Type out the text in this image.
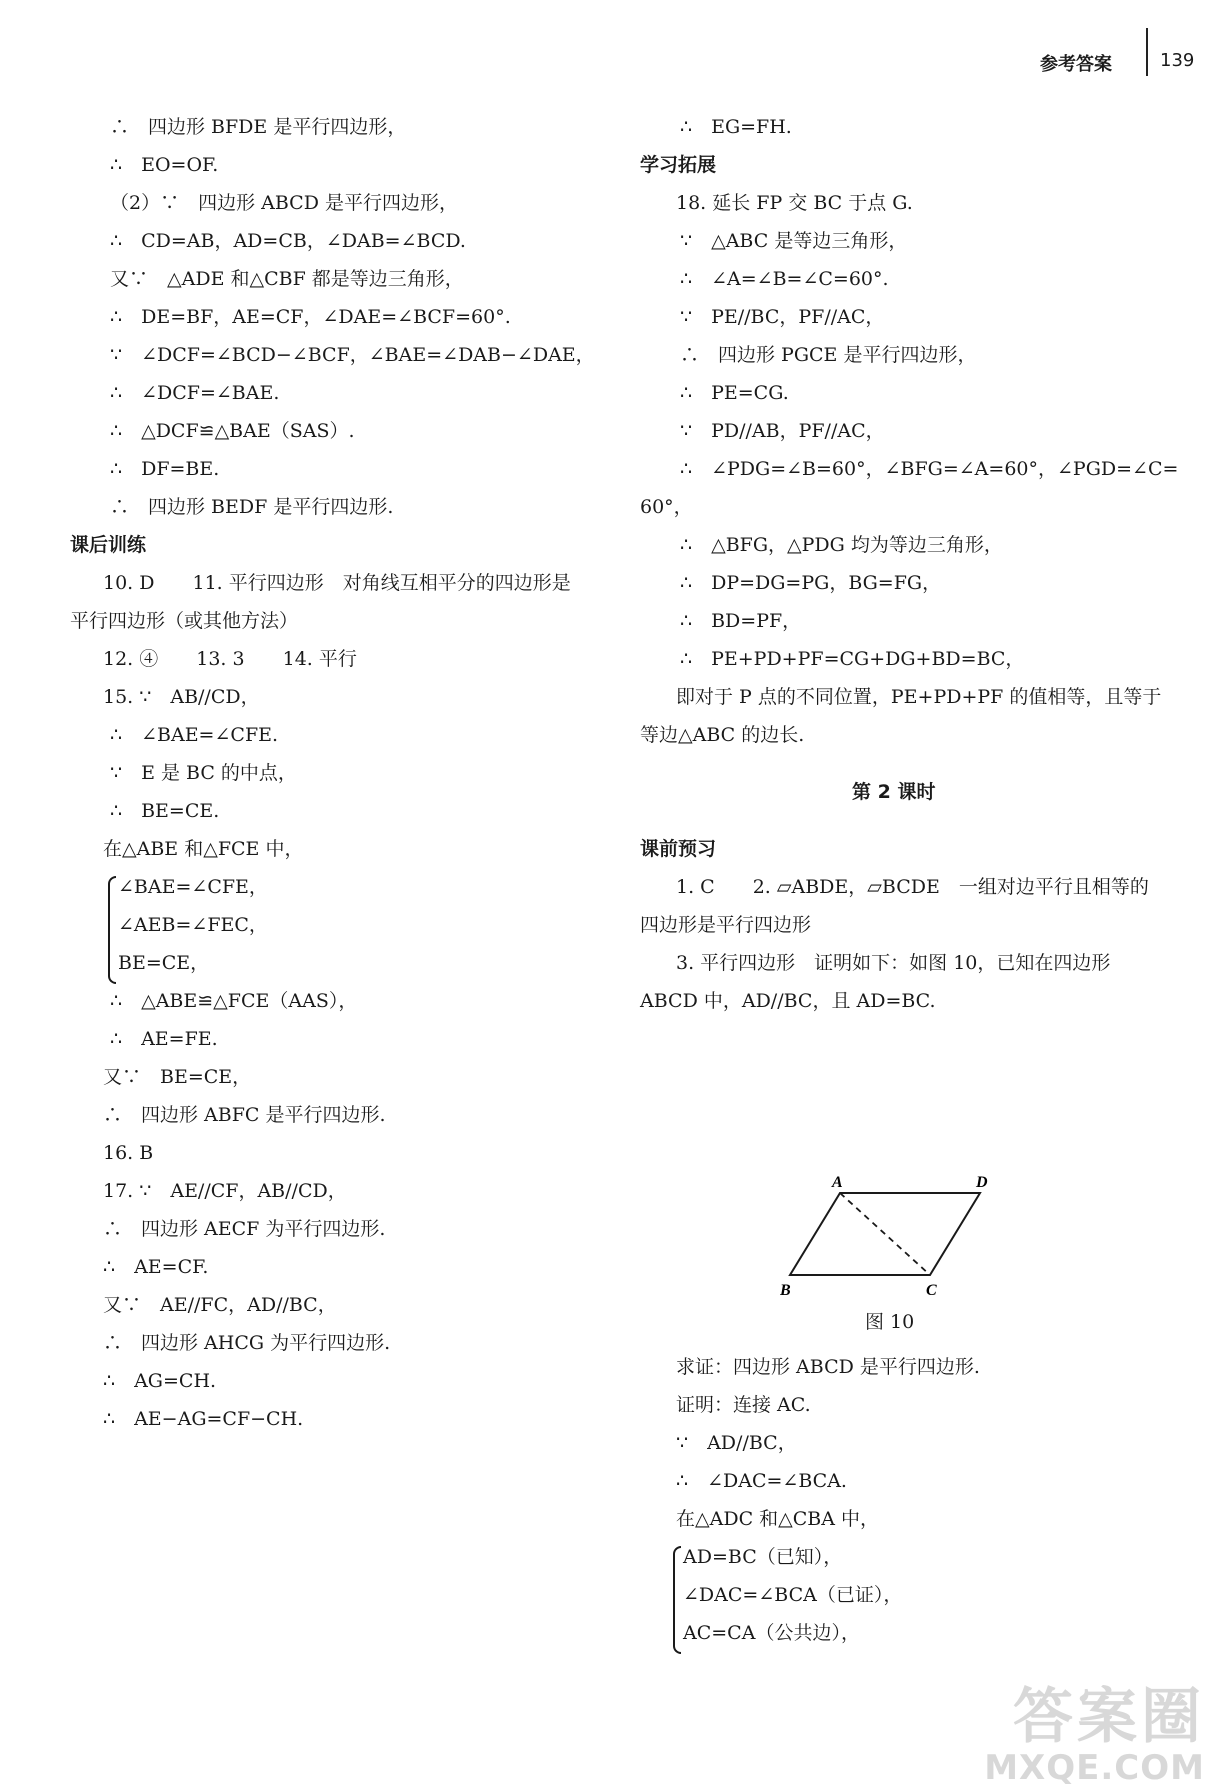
参考答案	139
∴　四边形 BFDE 是平行四边形，
∴　EO=OF.
（2）∵　四边形 ABCD 是平行四边形，
∴　CD=AB，AD=CB，∠DAB=∠BCD.
又∵　△ADE 和△CBF 都是等边三角形，
∴　DE=BF，AE=CF，∠DAE=∠BCF=60°.
∵　∠DCF=∠BCD−∠BCF，∠BAE=∠DAB−∠DAE，
∴　∠DCF=∠BAE.
∴　△DCF≌△BAE（SAS）.
∴　DF=BE.
∴　四边形 BEDF 是平行四边形.
课后训练
10. D　　11. 平行四边形　对角线互相平分的四边形是
平行四边形（或其他方法）
12. ④　　13. 3　　14. 平行
15. ∵　AB//CD，
∴　∠BAE=∠CFE.
∵　E 是 BC 的中点，
∴　BE=CE.
在△ABE 和△FCE 中，
∠BAE=∠CFE，
∠AEB=∠FEC，
BE=CE，
∴　△ABE≌△FCE（AAS），
∴　AE=FE.
又∵　BE=CE，
∴　四边形 ABFC 是平行四边形.
16. B
17. ∵　AE//CF，AB//CD，
∴　四边形 AECF 为平行四边形.
∴　AE=CF.
又∵　AE//FC，AD//BC，
∴　四边形 AHCG 为平行四边形.
∴　AG=CH.
∴　AE−AG=CF−CH.
∴　EG=FH.
学习拓展
18. 延长 FP 交 BC 于点 G.
∵　△ABC 是等边三角形，
∴　∠A=∠B=∠C=60°.
∵　PE//BC，PF//AC，
∴　四边形 PGCE 是平行四边形，
∴　PE=CG.
∵　PD//AB，PF//AC，
∴　∠PDG=∠B=60°，∠BFG=∠A=60°，∠PGD=∠C=
60°，
∴　△BFG，△PDG 均为等边三角形，
∴　DP=DG=PG，BG=FG，
∴　BD=PF，
∴　PE+PD+PF=CG+DG+BD=BC，
即对于 P 点的不同位置，PE+PD+PF 的值相等，且等于
等边△ABC 的边长.
第 2 课时
课前预习
1. C　　2. ▱ABDE，▱BCDE　一组对边平行且相等的
四边形是平行四边形
3. 平行四边形　证明如下：如图 10，已知在四边形
ABCD 中，AD//BC，且 AD=BC.
A	D
B	C
图 10
求证：四边形 ABCD 是平行四边形.
证明：连接 AC.
∵　AD//BC，
∴　∠DAC=∠BCA.
在△ADC 和△CBA 中，
AD=BC（已知），
∠DAC=∠BCA（已证），
AC=CA（公共边），
答案圈
MXQE.COM
